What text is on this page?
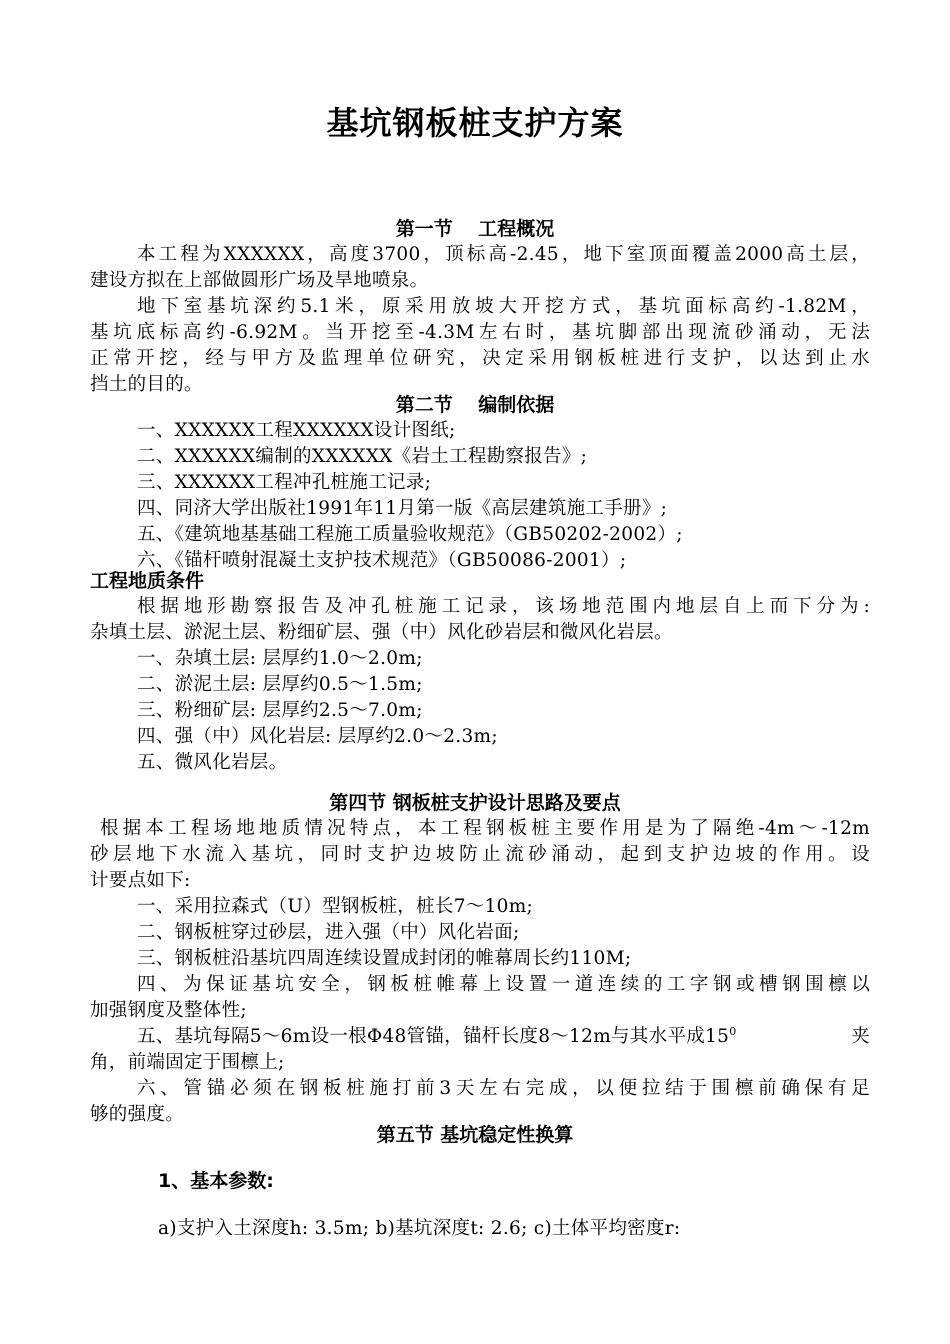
基坑钢板桩支护方案
第一节　 工程概况
本工程为XXXXXX，高度3700，顶标高-2.45，地下室顶面覆盖2000高土层，
建设方拟在上部做圆形广场及旱地喷泉。
地下室基坑深约5.1米，原采用放坡大开挖方式，基坑面标高约-1.82M，
基坑底标高约-6.92M。当开挖至-4.3M左右时，基坑脚部出现流砂涌动，无法
正常开挖，经与甲方及监理单位研究，决定采用钢板桩进行支护，以达到止水
挡土的目的。
第二节　 编制依据
一、XXXXXX工程XXXXXX设计图纸;
二、XXXXXX编制的XXXXXX《岩土工程勘察报告》;
三、XXXXXX工程冲孔桩施工记录;
四、同济大学出版社1991年11月第一版《高层建筑施工手册》;
五、《建筑地基基础工程施工质量验收规范》（GB50202-2002）;
六、《锚杆喷射混凝土支护技术规范》（GB50086-2001）;
工程地质条件
根据地形勘察报告及冲孔桩施工记录，该场地范围内地层自上而下分为:
杂填土层、淤泥土层、粉细矿层、强（中）风化砂岩层和微风化岩层。
一、杂填土层: 层厚约1.0～2.0m;
二、淤泥土层: 层厚约0.5～1.5m;
三、粉细矿层: 层厚约2.5～7.0m;
四、强（中）风化岩层: 层厚约2.0～2.3m;
五、微风化岩层。
第四节 钢板桩支护设计思路及要点
根据本工程场地地质情况特点，本工程钢板桩主要作用是为了隔绝-4m～-12m
砂层地下水流入基坑，同时支护边坡防止流砂涌动，起到支护边坡的作用。设
计要点如下:
一、采用拉森式（U）型钢板桩，桩长7～10m;
二、钢板桩穿过砂层，进入强（中）风化岩面;
三、钢板桩沿基坑四周连续设置成封闭的帷幕周长约110M;
四、为保证基坑安全，钢板桩帷幕上设置一道连续的工字钢或槽钢围檩以
加强钢度及整体性;
五、基坑每隔5～6m设一根Φ48管锚，锚杆长度8～12m与其水平成$15^0$	夹
角，前端固定于围檩上;
六、管锚必须在钢板桩施打前3天左右完成，以便拉结于围檩前确保有足
够的强度。
第五节 基坑稳定性换算
1、基本参数:
a)支护入土深度h: 3.5m; b)基坑深度t: 2.6; c)土体平均密度r:
